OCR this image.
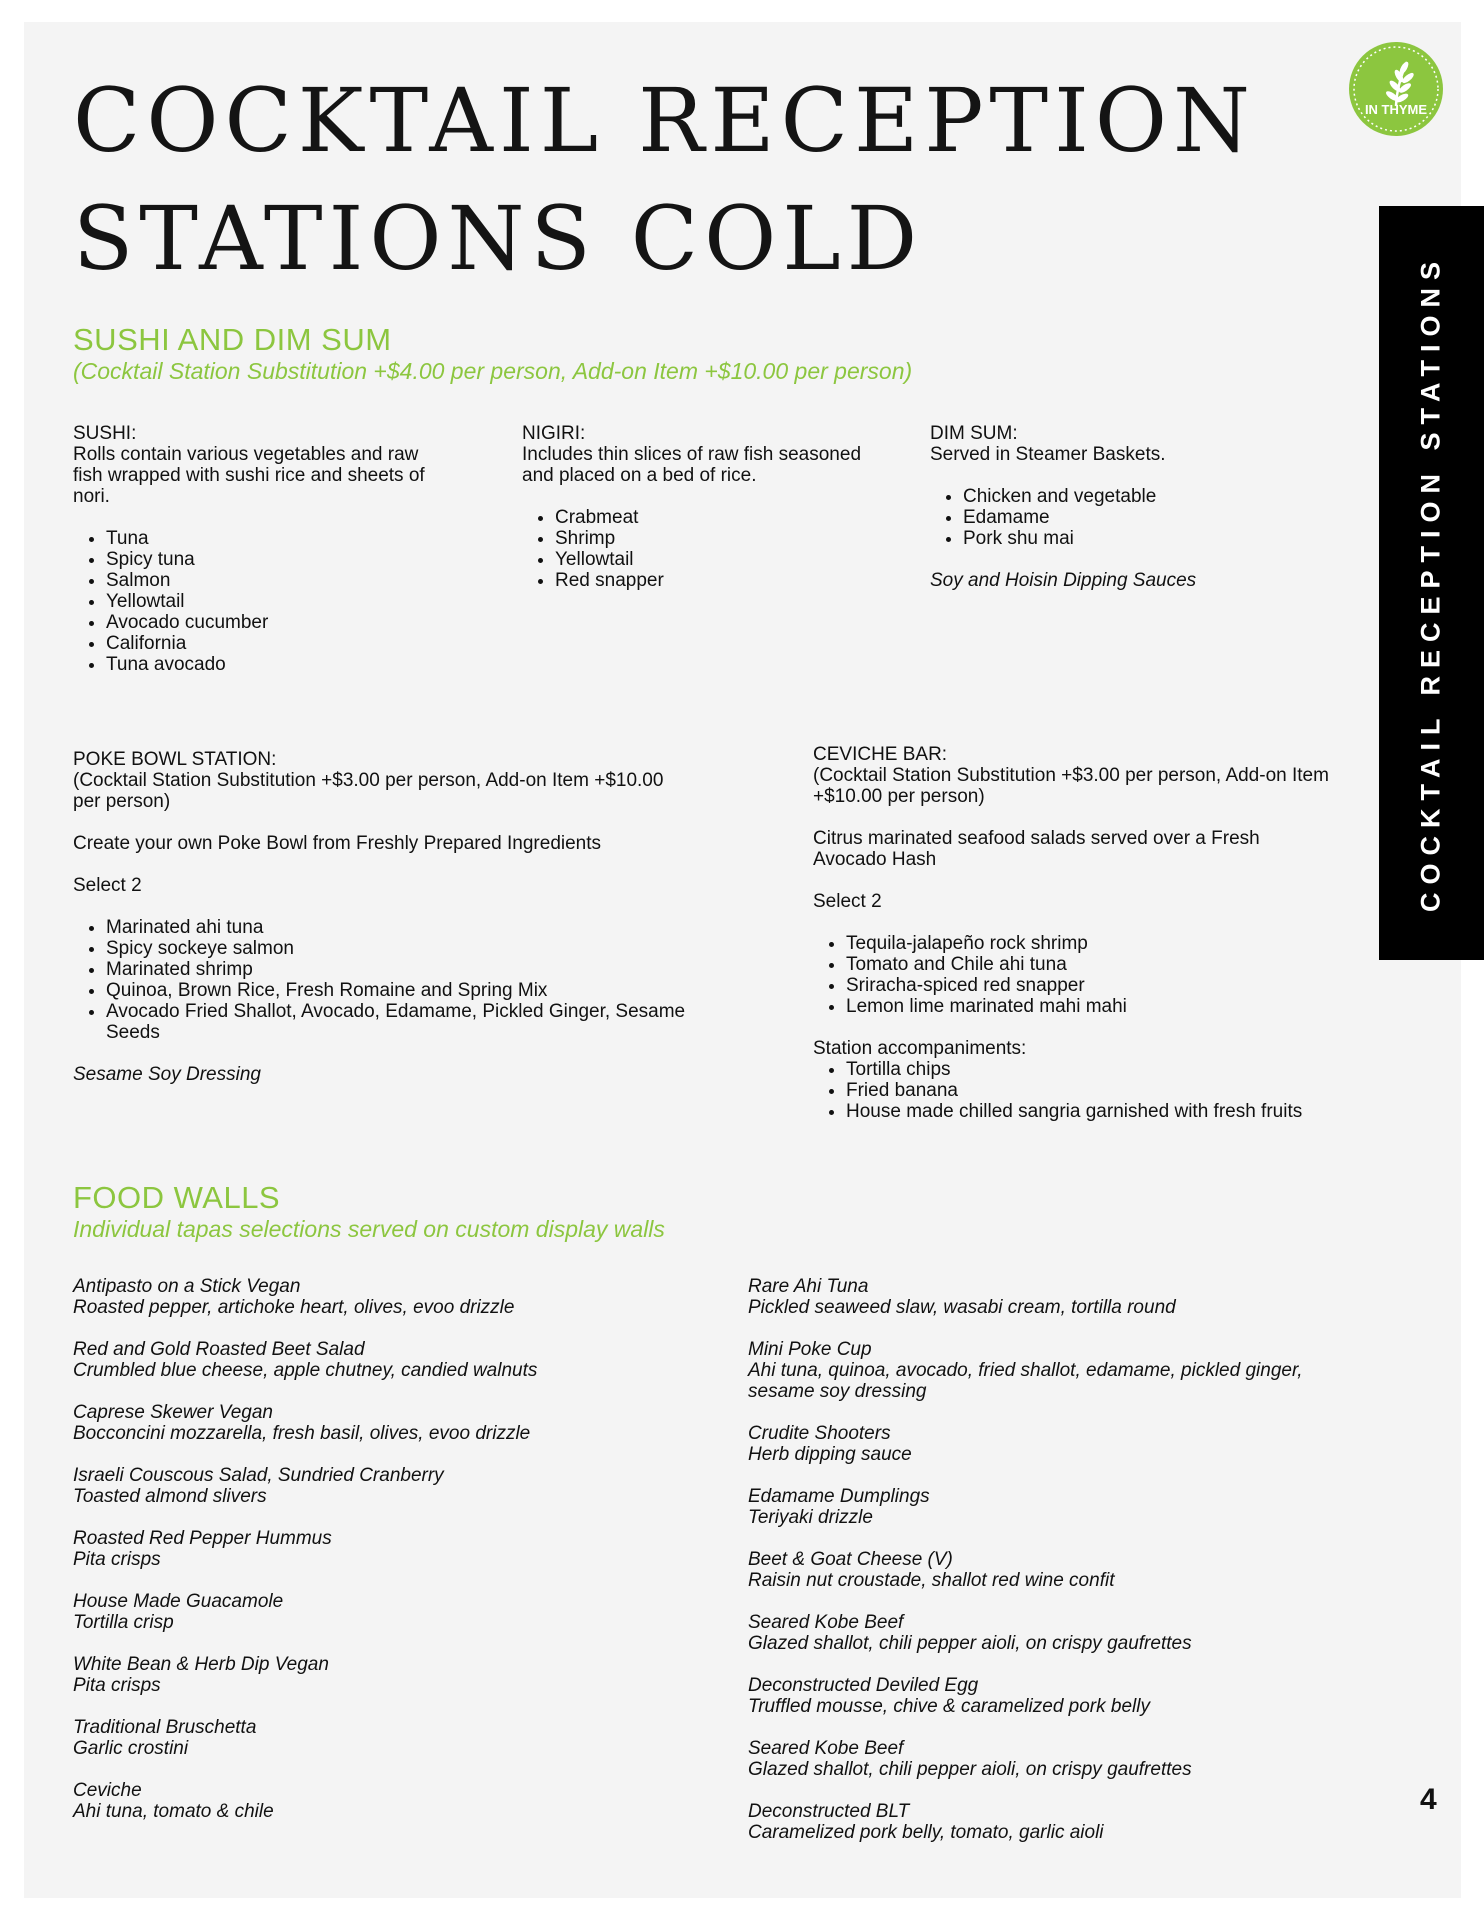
COCKTAIL RECEPTION
STATIONS COLD
IN THYME
COCKTAIL RECEPTION STATIONS
SUSHI AND DIM SUM

(Cocktail Station Substitution +$4.00 per person, Add-on Item +$10.00 per person)

SUSHI:

Rolls contain various vegetables and raw fish wrapped with sushi rice and sheets of nori.

• Tuna
• Spicy tuna
• Salmon
• Yellowtail
• Avocado cucumber
• California
• Tuna avocado

NIGIRI:

Includes thin slices of raw fish seasoned and placed on a bed of rice.

• Crabmeat
• Shrimp
• Yellowtail
• Red snapper

DIM SUM:

Served in Steamer Baskets.

• Chicken and vegetable
• Edamame
• Pork shu mai

Soy and Hoisin Dipping Sauces

POKE BOWL STATION:

(Cocktail Station Substitution +$3.00 per person, Add-on Item +$10.00 per person)

Create your own Poke Bowl from Freshly Prepared Ingredients

Select 2

• Marinated ahi tuna
• Spicy sockeye salmon
• Marinated shrimp
• Quinoa, Brown Rice, Fresh Romaine and Spring Mix
• Avocado Fried Shallot, Avocado, Edamame, Pickled Ginger, Sesame Seeds

Sesame Soy Dressing

CEVICHE BAR:

(Cocktail Station Substitution +$3.00 per person, Add-on Item +$10.00 per person)

Citrus marinated seafood salads served over a Fresh Avocado Hash

Select 2

• Tequila-jalapeño rock shrimp
• Tomato and Chile ahi tuna
• Sriracha-spiced red snapper
• Lemon lime marinated mahi mahi

Station accompaniments:

• Tortilla chips
• Fried banana
• House made chilled sangria garnished with fresh fruits
FOOD WALLS

Individual tapas selections served on custom display walls

Antipasto on a Stick Vegan

Roasted pepper, artichoke heart, olives, evoo drizzle

Red and Gold Roasted Beet Salad

Crumbled blue cheese, apple chutney, candied walnuts

Caprese Skewer Vegan

Bocconcini mozzarella, fresh basil, olives, evoo drizzle

Israeli Couscous Salad, Sundried Cranberry

Toasted almond slivers

Roasted Red Pepper Hummus

Pita crisps

House Made Guacamole

Tortilla crisp

White Bean & Herb Dip Vegan

Pita crisps

Traditional Bruschetta

Garlic crostini

Ceviche

Ahi tuna, tomato & chile

Rare Ahi Tuna

Pickled seaweed slaw, wasabi cream, tortilla round

Mini Poke Cup

Ahi tuna, quinoa, avocado, fried shallot, edamame, pickled ginger, sesame soy dressing

Crudite Shooters

Herb dipping sauce

Edamame Dumplings

Teriyaki drizzle

Beet & Goat Cheese (V)

Raisin nut croustade, shallot red wine confit

Seared Kobe Beef

Glazed shallot, chili pepper aioli, on crispy gaufrettes

Deconstructed Deviled Egg

Truffled mousse, chive & caramelized pork belly

Seared Kobe Beef

Glazed shallot, chili pepper aioli, on crispy gaufrettes

Deconstructed BLT

Caramelized pork belly, tomato, garlic aioli

4
